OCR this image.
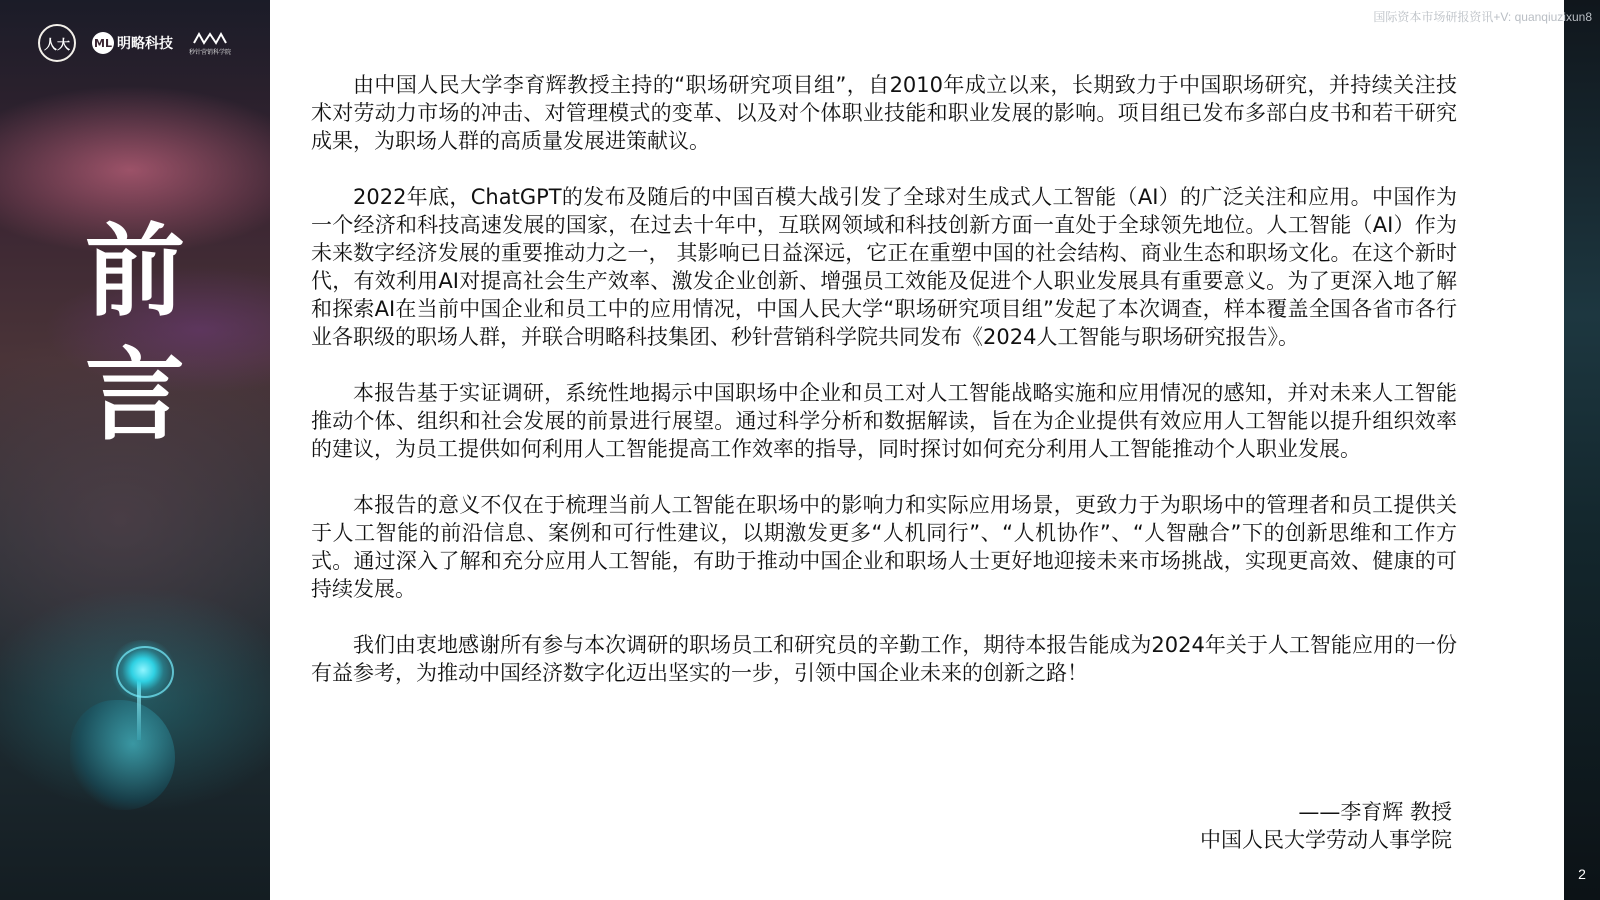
人大 ML 明略科技	秒针营销科学院
前
言
国际资本市场研报资讯+V: quanqiuzixun8

由中国人民大学李育辉教授主持的“职场研究项目组”，自2010年成立以来，长期致力于中国职场研究，并持续关注技术对劳动力市场的冲击、对管理模式的变革、以及对个体职业技能和职业发展的影响。项目组已发布多部白皮书和若干研究成果，为职场人群的高质量发展进策献议。

2022年底，ChatGPT的发布及随后的中国百模大战引发了全球对生成式人工智能（AI）的广泛关注和应用。中国作为一个经济和科技高速发展的国家，在过去十年中，互联网领域和科技创新方面一直处于全球领先地位。人工智能（AI）作为未来数字经济发展的重要推动力之一， 其影响已日益深远，它正在重塑中国的社会结构、商业生态和职场文化。在这个新时代，有效利用AI对提高社会生产效率、激发企业创新、增强员工效能及促进个人职业发展具有重要意义。为了更深入地了解和探索AI在当前中国企业和员工中的应用情况，中国人民大学“职场研究项目组”发起了本次调查，样本覆盖全国各省市各行业各职级的职场人群，并联合明略科技集团、秒针营销科学院共同发布《2024人工智能与职场研究报告》。

本报告基于实证调研，系统性地揭示中国职场中企业和员工对人工智能战略实施和应用情况的感知，并对未来人工智能推动个体、组织和社会发展的前景进行展望。通过科学分析和数据解读，旨在为企业提供有效应用人工智能以提升组织效率的建议，为员工提供如何利用人工智能提高工作效率的指导，同时探讨如何充分利用人工智能推动个人职业发展。

本报告的意义不仅在于梳理当前人工智能在职场中的影响力和实际应用场景，更致力于为职场中的管理者和员工提供关于人工智能的前沿信息、案例和可行性建议，以期激发更多“人机同行”、“人机协作”、“人智融合”下的创新思维和工作方式。通过深入了解和充分应用人工智能，有助于推动中国企业和职场人士更好地迎接未来市场挑战，实现更高效、健康的可持续发展。

我们由衷地感谢所有参与本次调研的职场员工和研究员的辛勤工作，期待本报告能成为2024年关于人工智能应用的一份有益参考，为推动中国经济数字化迈出坚实的一步，引领中国企业未来的创新之路！

——李育辉 教授
中国人民大学劳动人事学院
2
